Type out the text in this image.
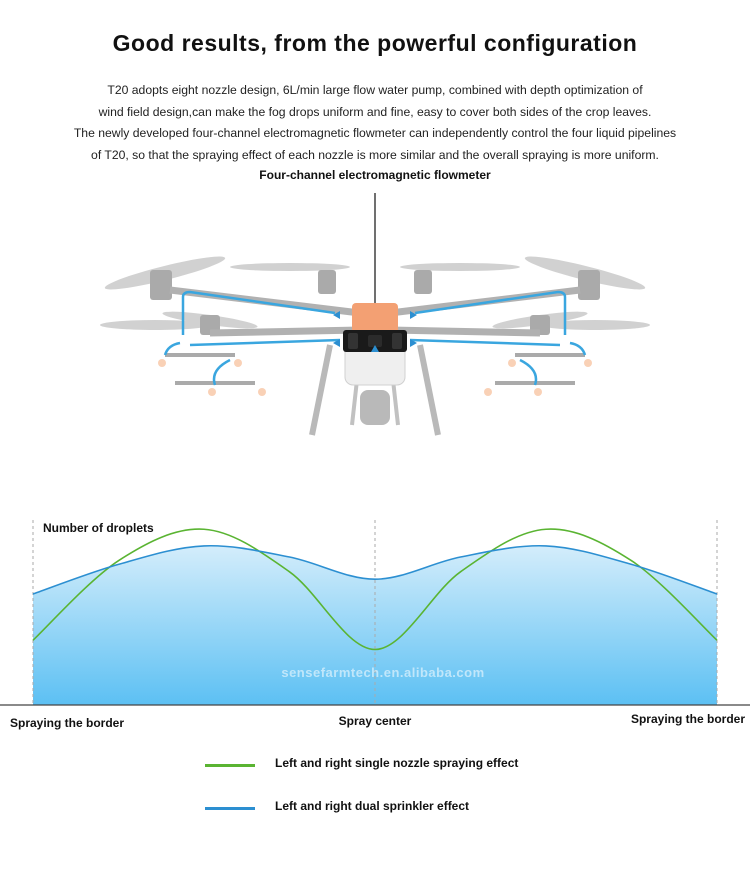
Good results, from the powerful configuration

T20 adopts eight nozzle design, 6L/min large flow water pump, combined with depth optimization of

wind field design,can make the fog drops uniform and fine, easy to cover both sides of the crop leaves.

The newly developed four-channel electromagnetic flowmeter can independently control the four liquid pipelines

of T20, so that the spraying effect of each nozzle is more similar and the overall spraying is more uniform.

Four-channel electromagnetic flowmeter
Number of droplets
sensefarmtech.en.alibaba.com
Spraying the border	Spray center	Spraying the border
Left and right single nozzle spraying effect
Left and right dual sprinkler effect
